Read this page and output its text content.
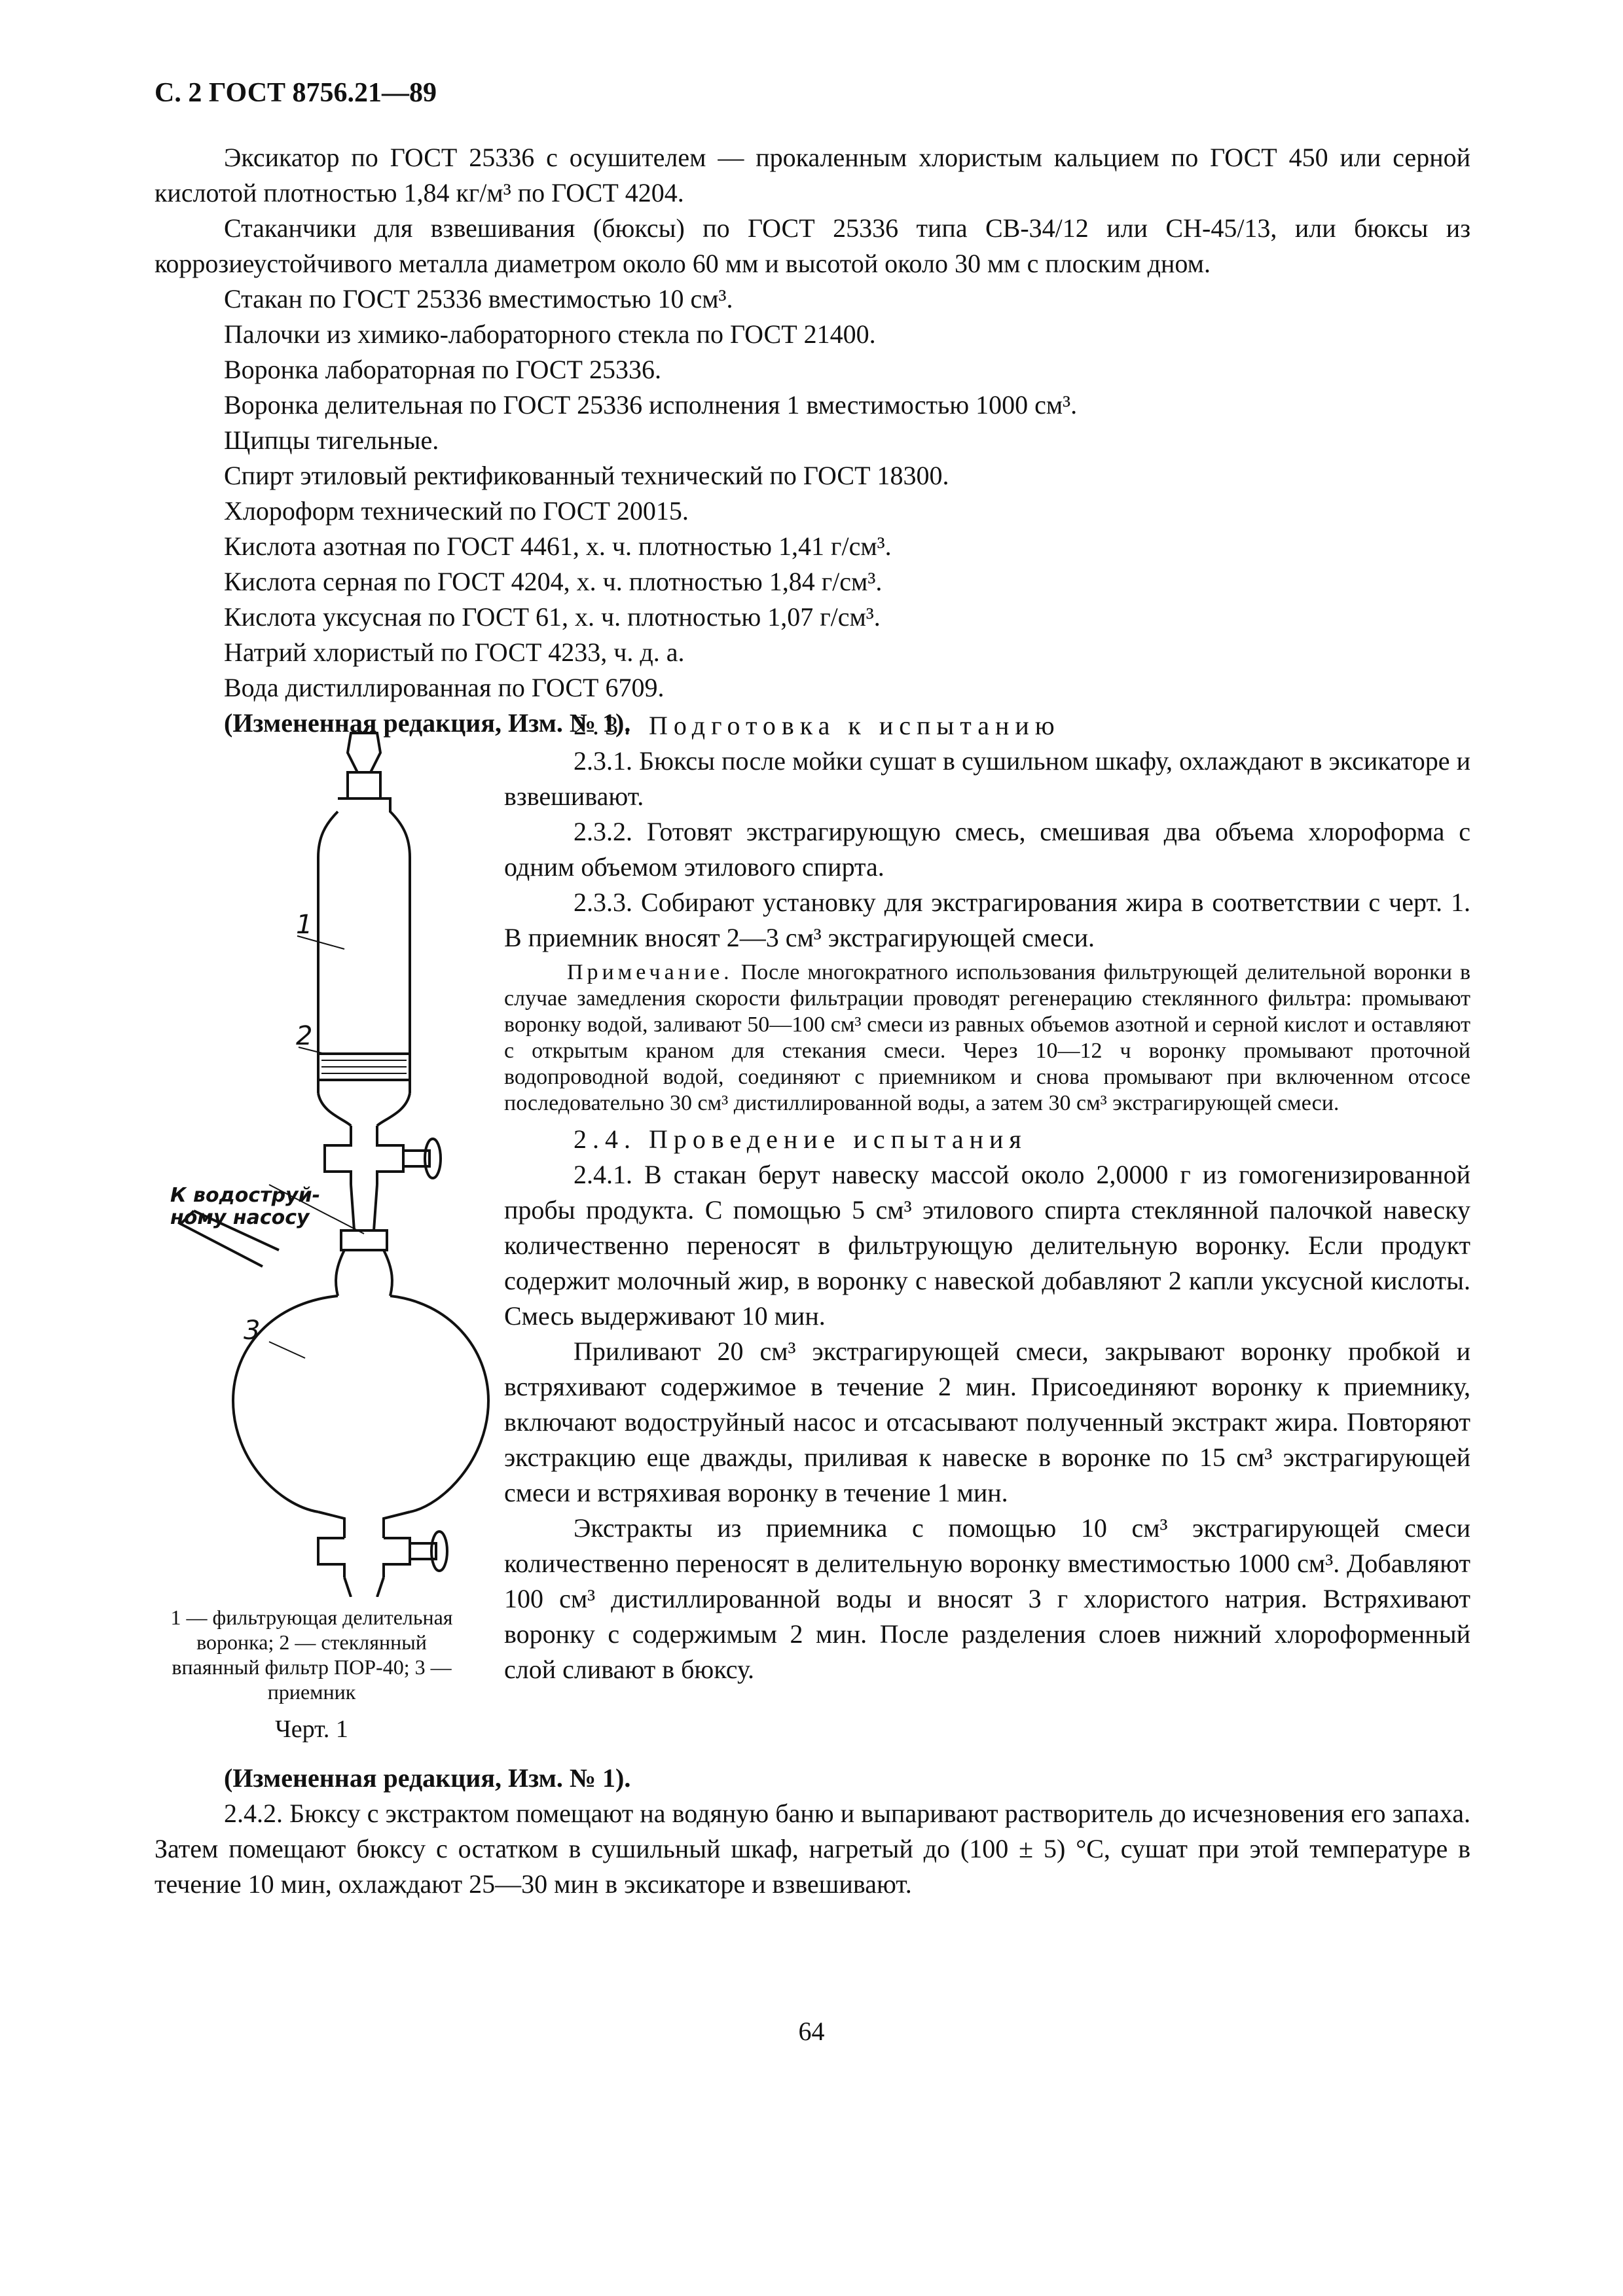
С. 2 ГОСТ 8756.21—89

Эксикатор по ГОСТ 25336 с осушителем — прокаленным хлористым кальцием по ГОСТ 450 или серной кислотой плотностью 1,84 кг/м³ по ГОСТ 4204.

Стаканчики для взвешивания (бюксы) по ГОСТ 25336 типа СВ-34/12 или СН-45/13, или бюксы из коррозиеустойчивого металла диаметром около 60 мм и высотой около 30 мм с плоским дном.

Стакан по ГОСТ 25336 вместимостью 10 см³.

Палочки из химико-лабораторного стекла по ГОСТ 21400.

Воронка лабораторная по ГОСТ 25336.

Воронка делительная по ГОСТ 25336 исполнения 1 вместимостью 1000 см³.

Щипцы тигельные.

Спирт этиловый ректификованный технический по ГОСТ 18300.

Хлороформ технический по ГОСТ 20015.

Кислота азотная по ГОСТ 4461, х. ч. плотностью 1,41 г/см³.

Кислота серная по ГОСТ 4204, х. ч. плотностью 1,84 г/см³.

Кислота уксусная по ГОСТ 61, х. ч. плотностью 1,07 г/см³.

Натрий хлористый по ГОСТ 4233, ч. д. а.

Вода дистиллированная по ГОСТ 6709.

(Измененная редакция, Изм. № 1).

2.3. Подготовка к испытанию

2.3.1. Бюксы после мойки сушат в сушильном шкафу, охлаждают в эксикаторе и взвешивают.

2.3.2. Готовят экстрагирующую смесь, смешивая два объема хлороформа с одним объемом этилового спирта.

2.3.3. Собирают установку для экстрагирования жира в соответствии с черт. 1. В приемник вносят 2—3 см³ экстрагирующей смеси.

Примечание. После многократного использования фильтрующей делительной воронки в случае замедления скорости фильтрации проводят регенерацию стеклянного фильтра: промывают воронку водой, заливают 50—100 см³ смеси из равных объемов азотной и серной кислот и оставляют с открытым краном для стекания смеси. Через 10—12 ч воронку промывают проточной водопроводной водой, соединяют с приемником и снова промывают при включенном отсосе последовательно 30 см³ дистиллированной воды, а затем 30 см³ экстрагирующей смеси.

2.4. Проведение испытания

2.4.1. В стакан берут навеску массой около 2,0000 г из гомогенизированной пробы продукта. С помощью 5 см³ этилового спирта стеклянной палочкой навеску количественно переносят в фильтрующую делительную воронку. Если продукт содержит молочный жир, в воронку с навеской добавляют 2 капли уксусной кислоты. Смесь выдерживают 10 мин.

Приливают 20 см³ экстрагирующей смеси, закрывают воронку пробкой и встряхивают содержимое в течение 2 мин. Присоединяют воронку к приемнику, включают водоструйный насос и отсасывают полученный экстракт жира. Повторяют экстракцию еще дважды, приливая к навеске в воронке по 15 см³ экстрагирующей смеси и встряхивая воронку в течение 1 мин.

Экстракты из приемника с помощью 10 см³ экстрагирующей смеси количественно переносят в делительную воронку вместимостью 1000 см³. Добавляют 100 см³ дистиллированной воды и вносят 3 г хлористого натрия. Встряхивают воронку с содержимым 2 мин. После разделения слоев нижний хлороформенный слой сливают в бюксу.

(Измененная редакция, Изм. № 1).

2.4.2. Бюксу с экстрактом помещают на водяную баню и выпаривают растворитель до исчезновения его запаха. Затем помещают бюксу с остатком в сушильный шкаф, нагретый до (100 ± 5) °С, сушат при этой температуре в течение 10 мин, охлаждают 25—30 мин в эксикаторе и взвешивают.

1
2
3
К водоструй-ному насосу
1 — фильтрующая делительная воронка; 2 — стеклянный впаянный фильтр ПОР-40; 3 — приемник
Черт. 1
64
